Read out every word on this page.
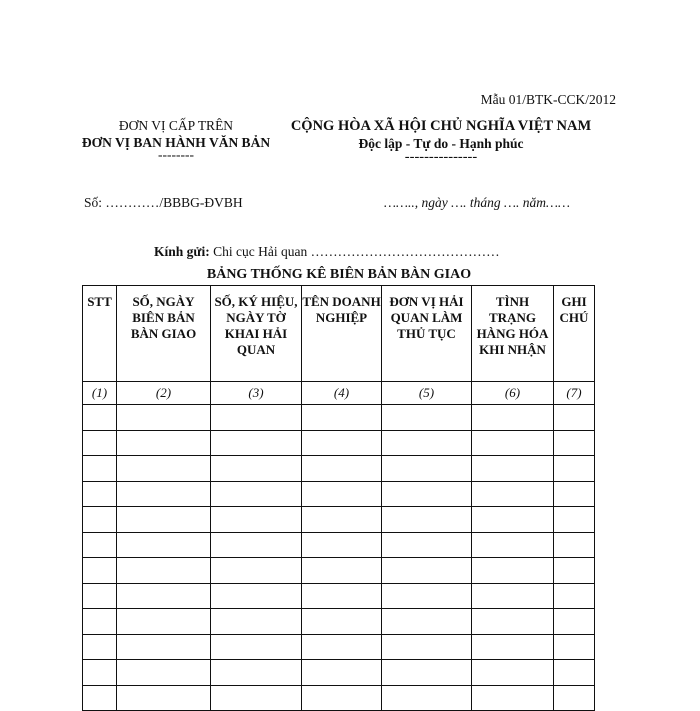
Mẫu 01/BTK-CCK/2012
ĐƠN VỊ CẤP TRÊN
ĐƠN VỊ BAN HÀNH VĂN BẢN
--------
CỘNG HÒA XÃ HỘI CHỦ NGHĨA VIỆT NAM
Độc lập - Tự do - Hạnh phúc
---------------
Số: …………/BBBG-ĐVBH	…….., ngày …. tháng …. năm……
Kính gửi: Chi cục Hải quan ……………………………………
BẢNG THỐNG KÊ BIÊN BẢN BÀN GIAO
STT	SỐ, NGÀY BIÊN BẢN BÀN GIAO	SỐ, KÝ HIỆU, NGÀY TỜ KHAI HẢI QUAN	TÊN DOANH NGHIỆP	ĐƠN VỊ HẢI QUAN LÀM THỦ TỤC	TÌNH TRẠNG HÀNG HÓA KHI NHẬN	GHI CHÚ
(1)	(2)	(3)	(4)	(5)	(6)	(7)
